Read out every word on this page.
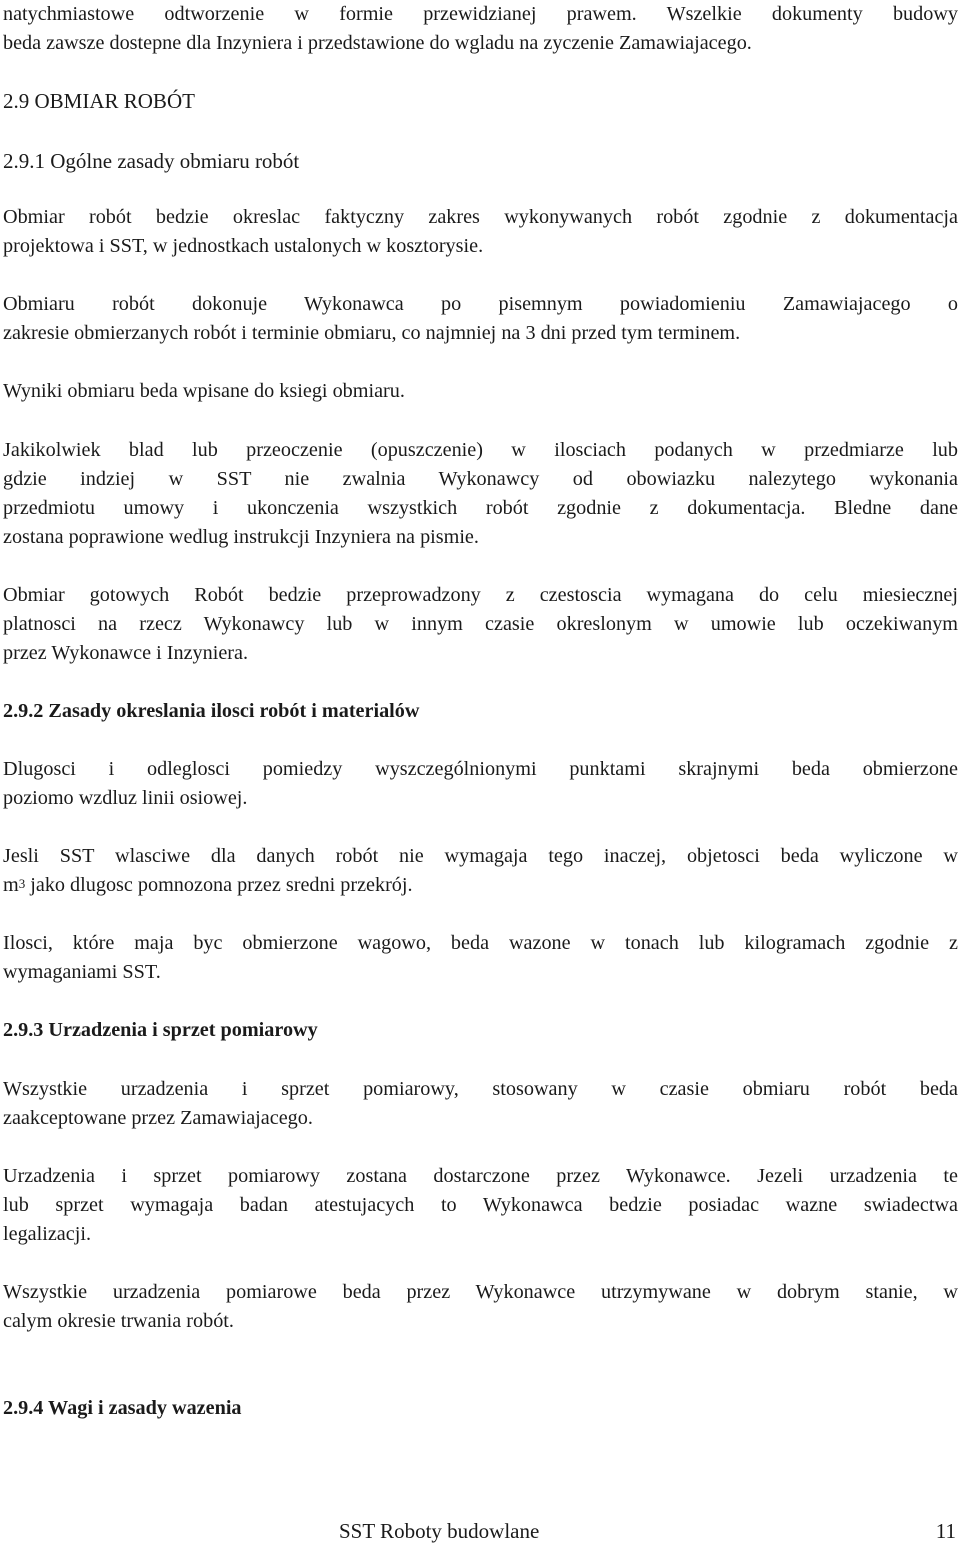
natychmiastowe odtworzenie w formie przewidzianej prawem. Wszelkie dokumenty budowy
beda zawsze dostepne dla Inzyniera i przedstawione do wgladu na zyczenie Zamawiajacego.
2.9 OBMIAR ROBÓT
2.9.1 Ogólne zasady obmiaru robót
Obmiar robót bedzie okreslac faktyczny zakres wykonywanych robót zgodnie z dokumentacja
projektowa i SST, w jednostkach ustalonych w kosztorysie.
Obmiaru robót dokonuje Wykonawca po pisemnym powiadomieniu Zamawiajacego o
zakresie obmierzanych robót i terminie obmiaru, co najmniej na 3 dni przed tym terminem.
Wyniki obmiaru beda wpisane do ksiegi obmiaru.
Jakikolwiek blad lub przeoczenie (opuszczenie) w ilosciach podanych w przedmiarze lub
gdzie indziej w SST nie zwalnia Wykonawcy od obowiazku nalezytego wykonania
przedmiotu umowy i ukonczenia wszystkich robót zgodnie z dokumentacja. Bledne dane
zostana poprawione wedlug instrukcji Inzyniera na pismie.
Obmiar gotowych Robót bedzie przeprowadzony z czestoscia wymagana do celu miesiecznej
platnosci na rzecz Wykonawcy lub w innym czasie okreslonym w umowie lub oczekiwanym
przez Wykonawce i Inzyniera.
2.9.2 Zasady okreslania ilosci robót i materialów
Dlugosci i odleglosci pomiedzy wyszczególnionymi punktami skrajnymi beda obmierzone
poziomo wzdluz linii osiowej.
Jesli SST wlasciwe dla danych robót nie wymagaja tego inaczej, objetosci beda wyliczone w
$m^3$ jako dlugosc pomnozona przez sredni przekrój.
Ilosci, które maja byc obmierzone wagowo, beda wazone w tonach lub kilogramach zgodnie z
wymaganiami SST.
2.9.3 Urzadzenia i sprzet pomiarowy
Wszystkie urzadzenia i sprzet pomiarowy, stosowany w czasie obmiaru robót beda
zaakceptowane przez Zamawiajacego.
Urzadzenia i sprzet pomiarowy zostana dostarczone przez Wykonawce. Jezeli urzadzenia te
lub sprzet wymagaja badan atestujacych to Wykonawca bedzie posiadac wazne swiadectwa
legalizacji.
Wszystkie urzadzenia pomiarowe beda przez Wykonawce utrzymywane w dobrym stanie, w
calym okresie trwania robót.
2.9.4 Wagi i zasady wazenia
SST Roboty budowlane	11
